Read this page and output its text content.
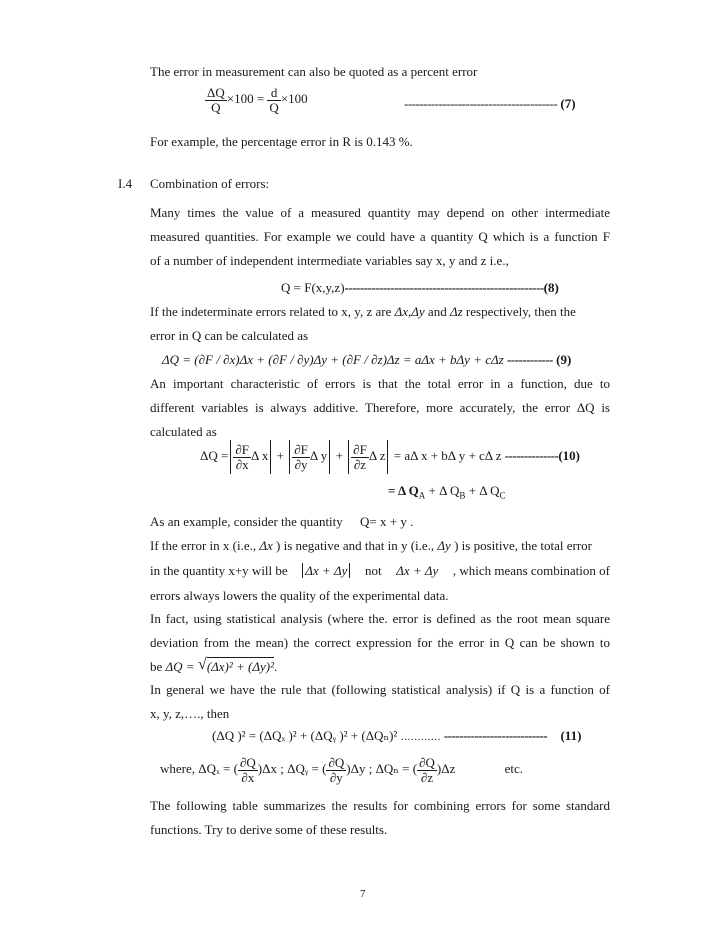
The error in measurement can also be quoted as a percent error
$\frac{\Delta Q}{Q} \times 100 = \frac{d}{Q} \times 100$	---------------------------------------- (7)
For example, the percentage error in R is 0.143 %.
I.4 Combination of errors:
Many times the value of a measured quantity may depend on other intermediate
measured quantities. For example we could have a quantity Q which is a function F
of a number of independent intermediate variables say x, y and z i.e.,
Q = F(x,y,z)----------------------------------------------------(8)
If the indeterminate errors related to x, y, z are Δx,Δy and Δz respectively, then the
error in Q can be calculated as
ΔQ = (∂F / ∂x)Δx + (∂F / ∂y)Δy + (∂F / ∂z)Δz = aΔx + bΔy + cΔz ------------ (9)
An important characteristic of errors is that the total error in a function, due to
different variables is always additive. Therefore, more accurately, the error ΔQ is
calculated as
$\Delta Q = \frac{\partial F}{\partial x}$ Δ $x + \frac{\partial F}{\partial y}$ Δ $y + \frac{\partial F}{\partial z}$ Δ z = aΔ x + bΔ y + cΔ z --------------(10)
= Δ $Q_A + \Delta$ $Q_B + \Delta$ $Q_C$
As an example, consider the quantity Q= x + y .
If the error in x (i.e., Δx ) is negative and that in y (i.e., Δy ) is positive, the total error
in the quantity x+y will be Δx + Δy not Δx + Δy , which means combination of
errors always lowers the quality of the experimental data.
In fact, using statistical analysis (where the. error is defined as the root mean square
deviation from the mean) the correct expression for the error in Q can be shown to
be ΔQ = √ (Δx)² + (Δy)².
In general we have the rule that (following statistical analysis) if Q is a function of
x, y, z,…., then
(ΔQ )² = (ΔQₓ )² + (ΔQᵧ )² + (ΔQₙ)² ………… --------------------------- (11)
where, ΔQₓ = ( $\frac{\partial Q}{\partial x} )\Delta x$ ; ΔQᵧ = ( $\frac{\partial Q}{\partial y} )\Delta y$ ; ΔQₙ = ( $\frac{\partial Q}{\partial z} )\Delta z$	etc.
The following table summarizes the results for combining errors for some standard
functions. Try to derive some of these results.
7
